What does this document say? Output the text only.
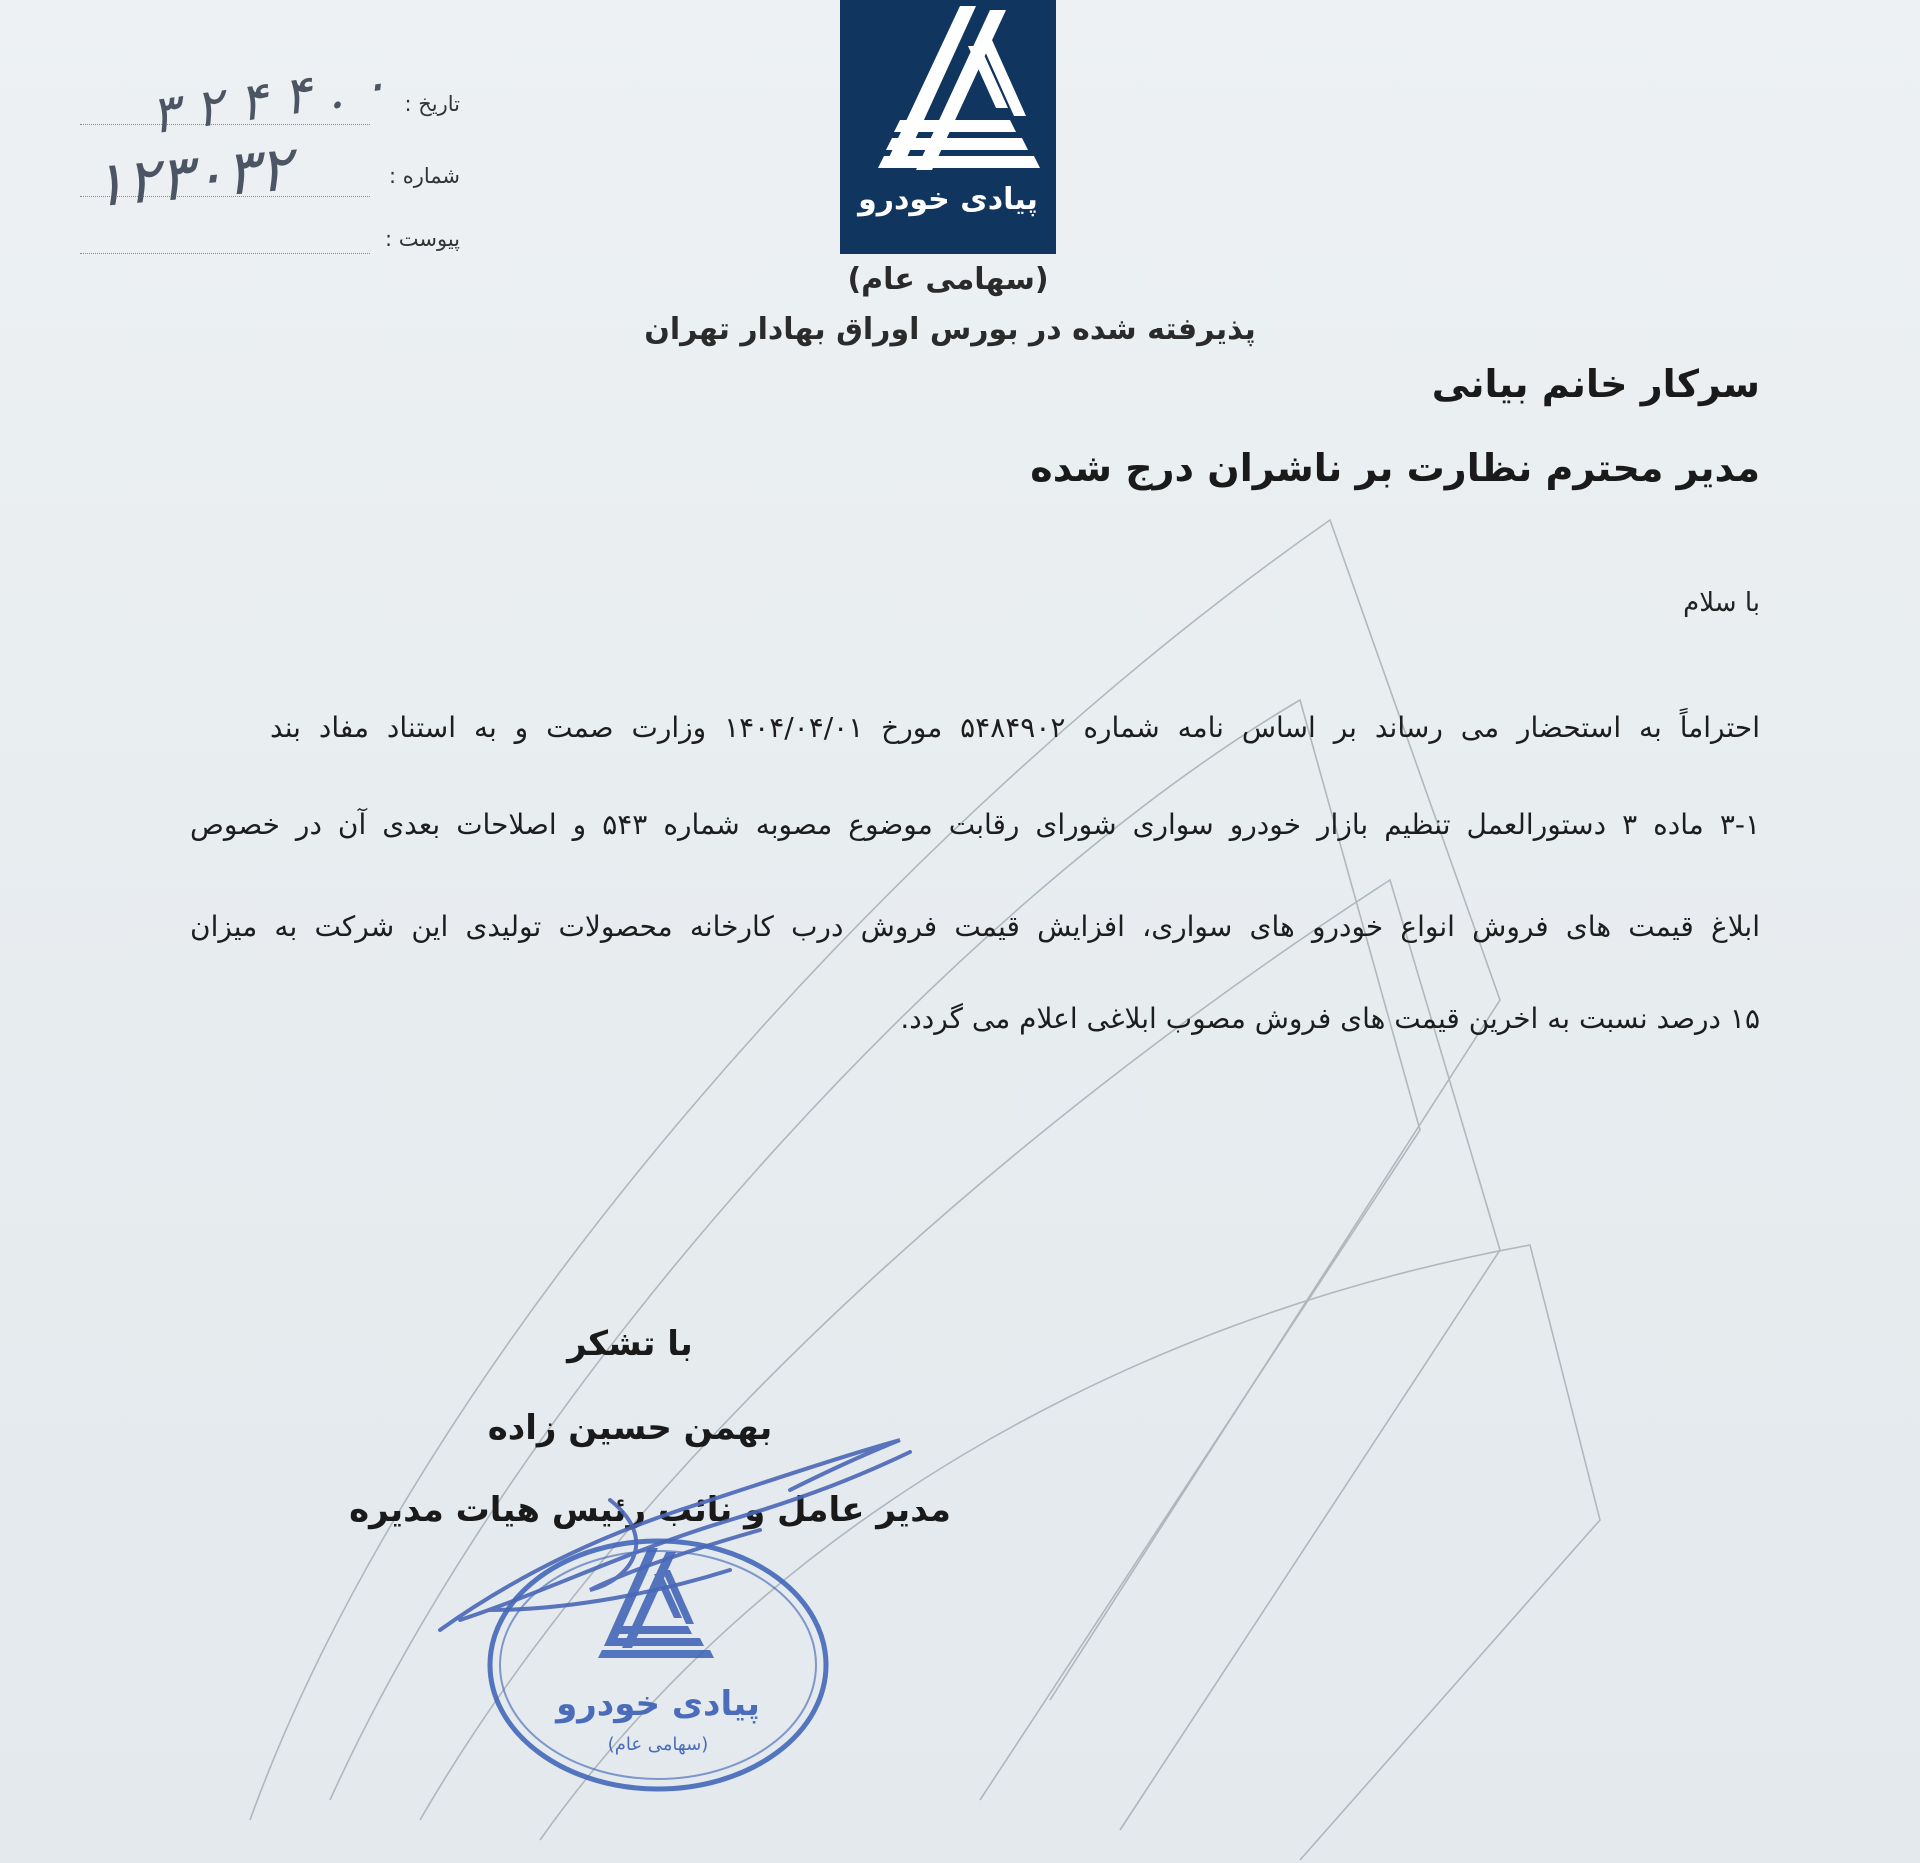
پیادی خودرو
(سهامی عام)
پذیرفته شده در بورس اوراق بهادار تهران
تاریخ :
شماره :
پیوست :
۳ ۲ ۴ ۴ . ۰
۱۲۳۰۳۲
سرکار خانم بیانی
مدیر محترم نظارت بر ناشران درج شده
با سلام
احتراماً به استحضار می رساند بر اساس نامه شماره ۵۴۸۴۹۰۲ مورخ ۱۴۰۴/۰۴/۰۱ وزارت صمت و به استناد مفاد بند
۳-۱ ماده ۳ دستورالعمل تنظیم بازار خودرو سواری شورای رقابت موضوع مصوبه شماره ۵۴۳ و اصلاحات بعدی آن در خصوص
ابلاغ قیمت های فروش انواع خودرو های سواری، افزایش قیمت فروش درب کارخانه محصولات تولیدی این شرکت به میزان
۱۵ درصد نسبت به اخرین قیمت های فروش مصوب ابلاغی اعلام می گردد.
با تشکر
بهمن حسین زاده
مدیر عامل و نائب رئیس هیات مدیره
پیادی خودرو
(سهامی عام)
